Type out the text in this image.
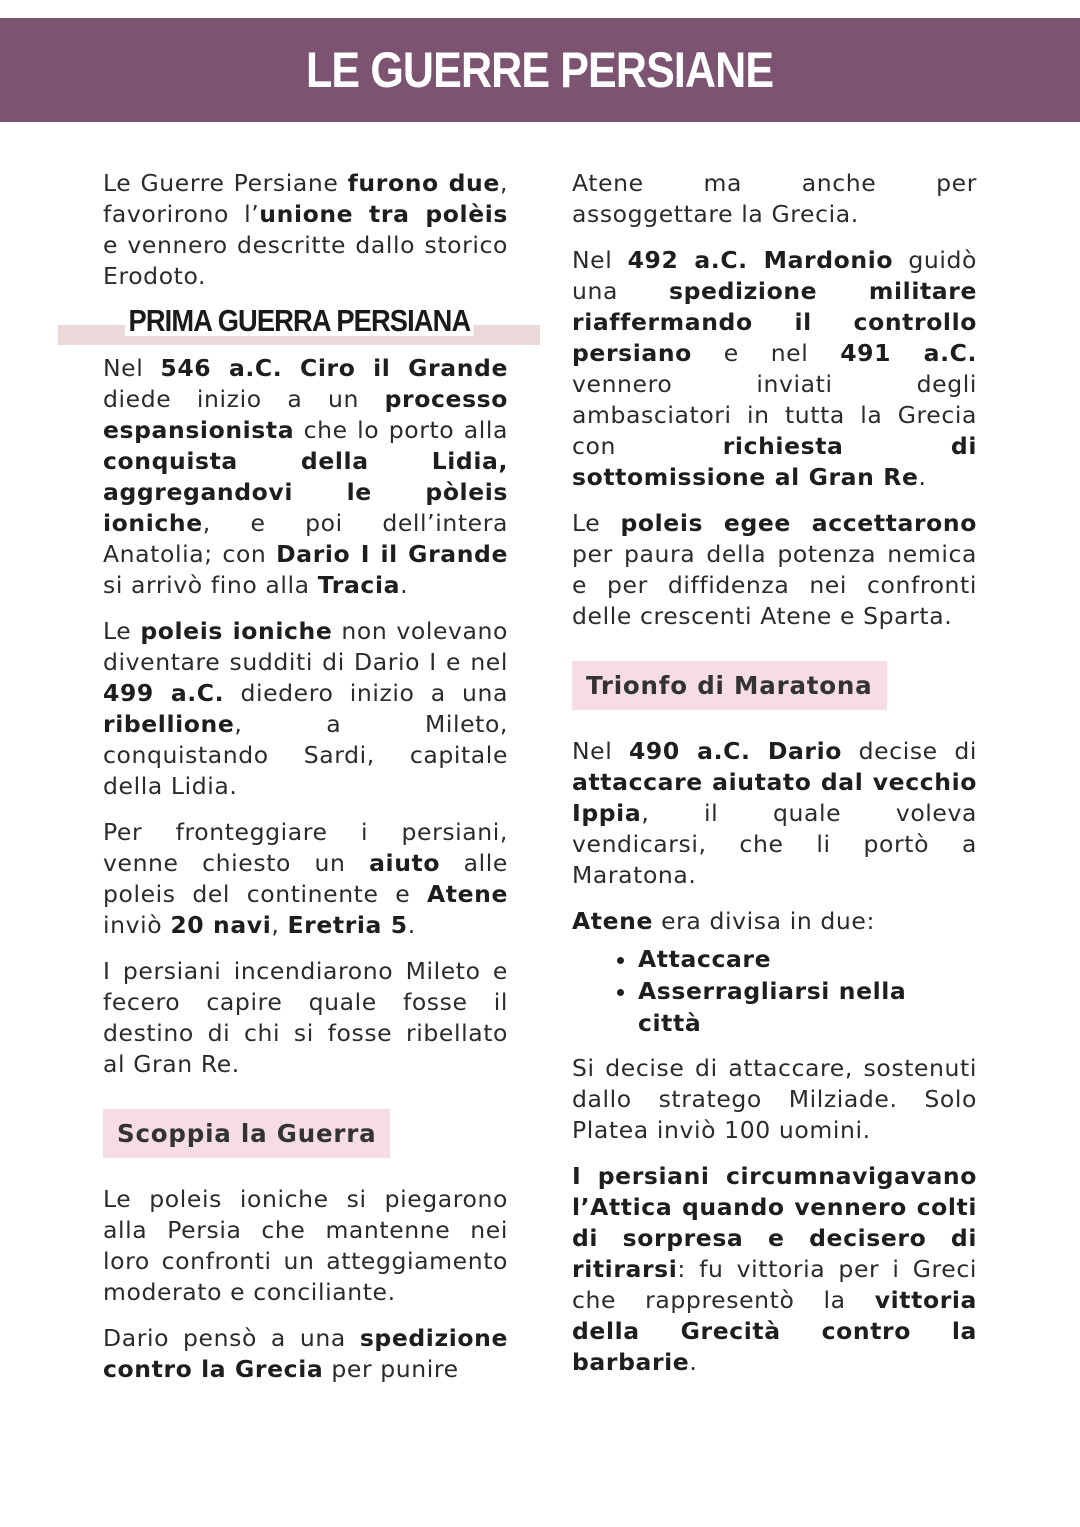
LE GUERRE PERSIANE

Le Guerre Persiane furono due, favorirono l’unione tra polèis e vennero descritte dallo storico Erodoto.

PRIMA GUERRA PERSIANA

Nel 546 a.C. Ciro il Grande diede inizio a un processo espansionista che lo porto alla conquista della Lidia, aggregandovi le pòleis ioniche, e poi dell’intera Anatolia; con Dario I il Grande si arrivò fino alla Tracia.

Le poleis ioniche non volevano diventare sudditi di Dario I e nel 499 a.C. diedero inizio a una ribellione, a Mileto, conquistando Sardi, capitale della Lidia.

Per fronteggiare i persiani, venne chiesto un aiuto alle poleis del continente e Atene inviò 20 navi, Eretria 5.

I persiani incendiarono Mileto e fecero capire quale fosse il destino di chi si fosse ribellato al Gran Re.

Scoppia la Guerra

Le poleis ioniche si piegarono alla Persia che mantenne nei loro confronti un atteggiamento moderato e conciliante.

Dario pensò a una spedizione contro la Grecia per punire

Atene ma anche per assoggettare la Grecia.

Nel 492 a.C. Mardonio guidò una spedizione militare riaffermando il controllo persiano e nel 491 a.C. vennero inviati degli ambasciatori in tutta la Grecia con richiesta di sottomissione al Gran Re.

Le poleis egee accettarono per paura della potenza nemica e per diffidenza nei confronti delle crescenti Atene e Sparta.

Trionfo di Maratona

Nel 490 a.C. Dario decise di attaccare aiutato dal vecchio Ippia, il quale voleva vendicarsi, che li portò a Maratona.

Atene era divisa in due:

• Attaccare
• Asserragliarsi nella città

Si decise di attaccare, sostenuti dallo stratego Milziade. Solo Platea inviò 100 uomini.

I persiani circumnavigavano l’Attica quando vennero colti di sorpresa e decisero di ritirarsi: fu vittoria per i Greci che rappresentò la vittoria della Grecità contro la barbarie.
